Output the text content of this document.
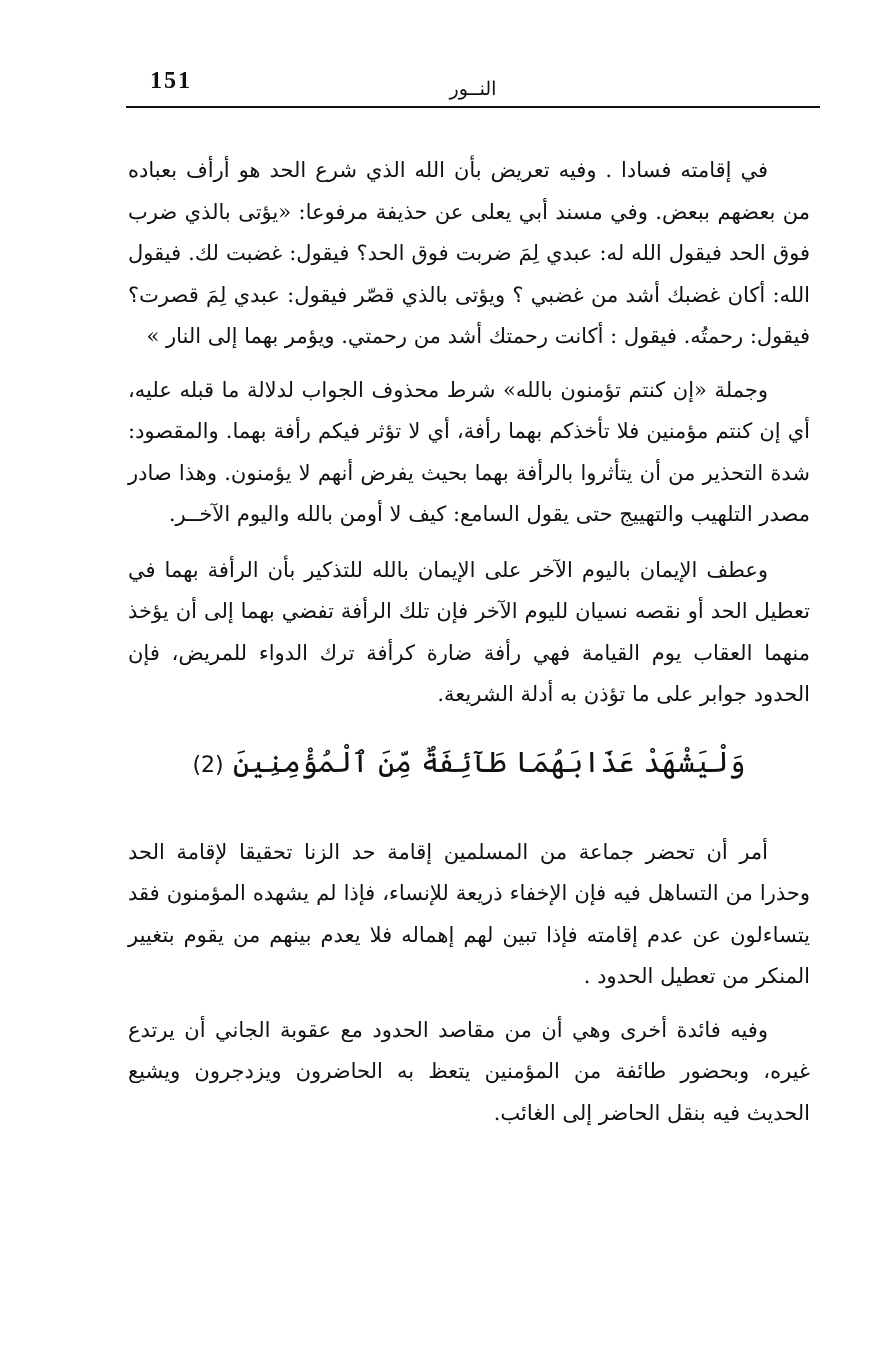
151	النــور

في إقامته فسادا . وفيه تعريض بأن الله الذي شرع الحد هو أرأف بعباده من بعضهم ببعض. وفي مسند أبي يعلى عن حذيفة مرفوعا: «يؤتى بالذي ضرب فوق الحد فيقول الله له: عبدي لِمَ ضربت فوق الحد؟ فيقول: غضبت لك. فيقول الله: أكان غضبك أشد من غضبي ؟ ويؤتى بالذي قصّر فيقول: عبدي لِمَ قصرت؟ فيقول: رحمتُه. فيقول : أكانت رحمتك أشد من رحمتي. ويؤمر بهما إلى النار »

وجملة «إن كنتم تؤمنون بالله» شرط محذوف الجواب لدلالة ما قبله عليه، أي إن كنتم مؤمنين فلا تأخذكم بهما رأفة، أي لا تؤثر فيكم رأفة بهما. والمقصود: شدة التحذير من أن يتأثروا بالرأفة بهما بحيث يفرض أنهم لا يؤمنون. وهذا صادر مصدر التلهيب والتهييج حتى يقول السامع: كيف لا أومن بالله واليوم الآخــر.

وعطف الإيمان باليوم الآخر على الإيمان بالله للتذكير بأن الرأفة بهما في تعطيل الحد أو نقصه نسيان لليوم الآخر فإن تلك الرأفة تفضي بهما إلى أن يؤخذ منهما العقاب يوم القيامة فهي رأفة ضارة كرأفة ترك الدواء للمريض، فإن الحدود جوابر على ما تؤذن به أدلة الشريعة.

وَلْيَشْهَدْ عَذَابَهُمَا طَآئِفَةٌ مِّنَ ٱلْمُؤْمِنِينَ (2)

أمر أن تحضر جماعة من المسلمين إقامة حد الزنا تحقيقا لإقامة الحد وحذرا من التساهل فيه فإن الإخفاء ذريعة للإنساء، فإذا لم يشهده المؤمنون فقد يتساءلون عن عدم إقامته فإذا تبين لهم إهماله فلا يعدم بينهم من يقوم بتغيير المنكر من تعطيل الحدود .

وفيه فائدة أخرى وهي أن من مقاصد الحدود مع عقوبة الجاني أن يرتدع غيره، وبحضور طائفة من المؤمنين يتعظ به الحاضرون ويزدجرون ويشيع الحديث فيه بنقل الحاضر إلى الغائب.
